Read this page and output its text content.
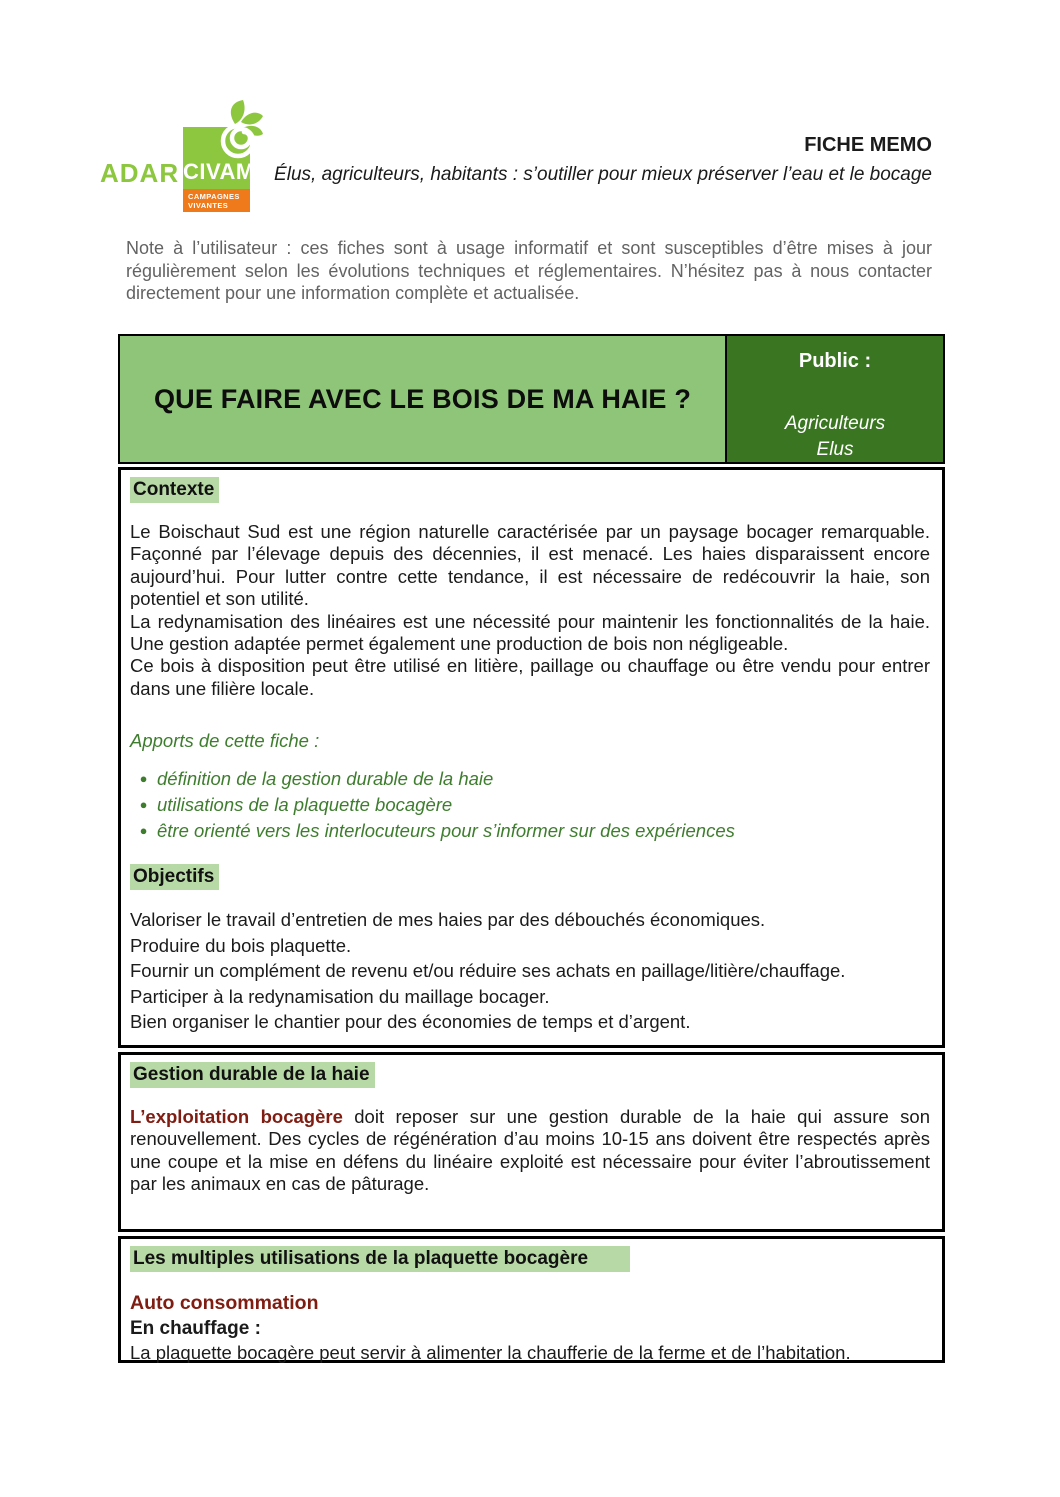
ADAR CIVAM
CAMPAGNES
VIVANTES
FICHE MEMO
Élus, agriculteurs, habitants : s’outiller pour mieux préserver l’eau et le bocage
Note à l’utilisateur : ces fiches sont à usage informatif et sont susceptibles d’être mises à jour régulièrement selon les évolutions techniques et réglementaires. N’hésitez pas à nous contacter directement pour une information complète et actualisée.
QUE FAIRE AVEC LE BOIS DE MA HAIE ?
Public :
Agriculteurs
Elus
Contexte

Le Boischaut Sud est une région naturelle caractérisée par un paysage bocager remarquable. Façonné par l’élevage depuis des décennies, il est menacé. Les haies disparaissent encore aujourd’hui. Pour lutter contre cette tendance, il est nécessaire de redécouvrir la haie, son potentiel et son utilité.

La redynamisation des linéaires est une nécessité pour maintenir les fonctionnalités de la haie. Une gestion adaptée permet également une production de bois non négligeable.

Ce bois à disposition peut être utilisé en litière, paillage ou chauffage ou être vendu pour entrer dans une filière locale.

Apports de cette fiche :
● définition de la gestion durable de la haie
● utilisations de la plaquette bocagère
● être orienté vers les interlocuteurs pour s’informer sur des expériences
Objectifs
Valoriser le travail d’entretien de mes haies par des débouchés économiques.
Produire du bois plaquette.
Fournir un complément de revenu et/ou réduire ses achats en paillage/litière/chauffage.
Participer à la redynamisation du maillage bocager.
Bien organiser le chantier pour des économies de temps et d’argent.
Gestion durable de la haie

L’exploitation bocagère doit reposer sur une gestion durable de la haie qui assure son renouvellement. Des cycles de régénération d’au moins 10-15 ans doivent être respectés après une coupe et la mise en défens du linéaire exploité est nécessaire pour éviter l’abroutissement par les animaux en cas de pâturage.

Les multiples utilisations de la plaquette bocagère
Auto consommation
En chauffage :

La plaquette bocagère peut servir à alimenter la chaufferie de la ferme et de l’habitation.
